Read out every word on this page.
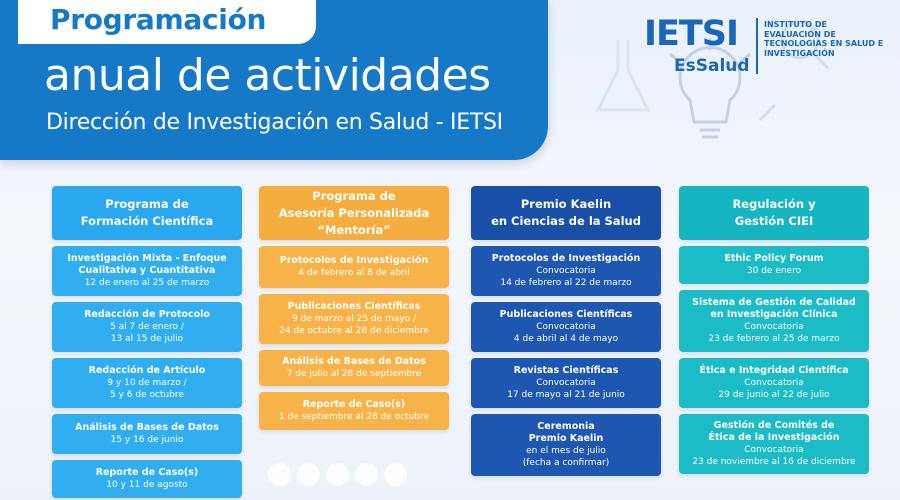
Programación
anual de actividades
Dirección de Investigación en Salud - IETSI
IETSI
EsSalud
INSTITUTO DE EVALUACIÓN DE TECNOLOGÍAS EN SALUD E INVESTIGACIÓN
Programa de
Formación Científica
Investigación Mixta - Enfoque
Cualitativa y Cuantitativa
12 de enero al 25 de marzo
Redacción de Protocolo
5 al 7 de enero /
13 al 15 de julio
Redacción de Artículo
9 y 10 de marzo /
5 y 6 de octubre
Análisis de Bases de Datos
15 y 16 de junio
Reporte de Caso(s)
10 y 11 de agosto
Programa de
Asesoría Personalizada
“Mentoría”
Protocolos de Investigación
4 de febrero al 8 de abril
Publicaciones Científicas
9 de marzo al 25 de mayo /
24 de octubre al 28 de diciembre
Análisis de Bases de Datos
7 de julio al 28 de septiembre
Reporte de Caso(s)
1 de septiembre al 28 de octubre
Premio Kaelin
en Ciencias de la Salud
Protocolos de Investigación
Convocatoria
14 de febrero al 22 de marzo
Publicaciones Científicas
Convocatoria
4 de abril al 4 de mayo
Revistas Científicas
Convocatoria
17 de mayo al 21 de junio
Ceremonia
Premio Kaelin
en el mes de julio
(fecha a confirmar)
Regulación y
Gestión CIEI
Ethic Policy Forum
30 de enero
Sistema de Gestión de Calidad
en Investigación Clínica
Convocatoria
23 de febrero al 25 de marzo
Ética e Integridad Científica
Convocatoria
29 de junio al 22 de julio
Gestión de Comités de
Ética de la Investigación
Convocatoria
23 de noviembre al 16 de diciembre
